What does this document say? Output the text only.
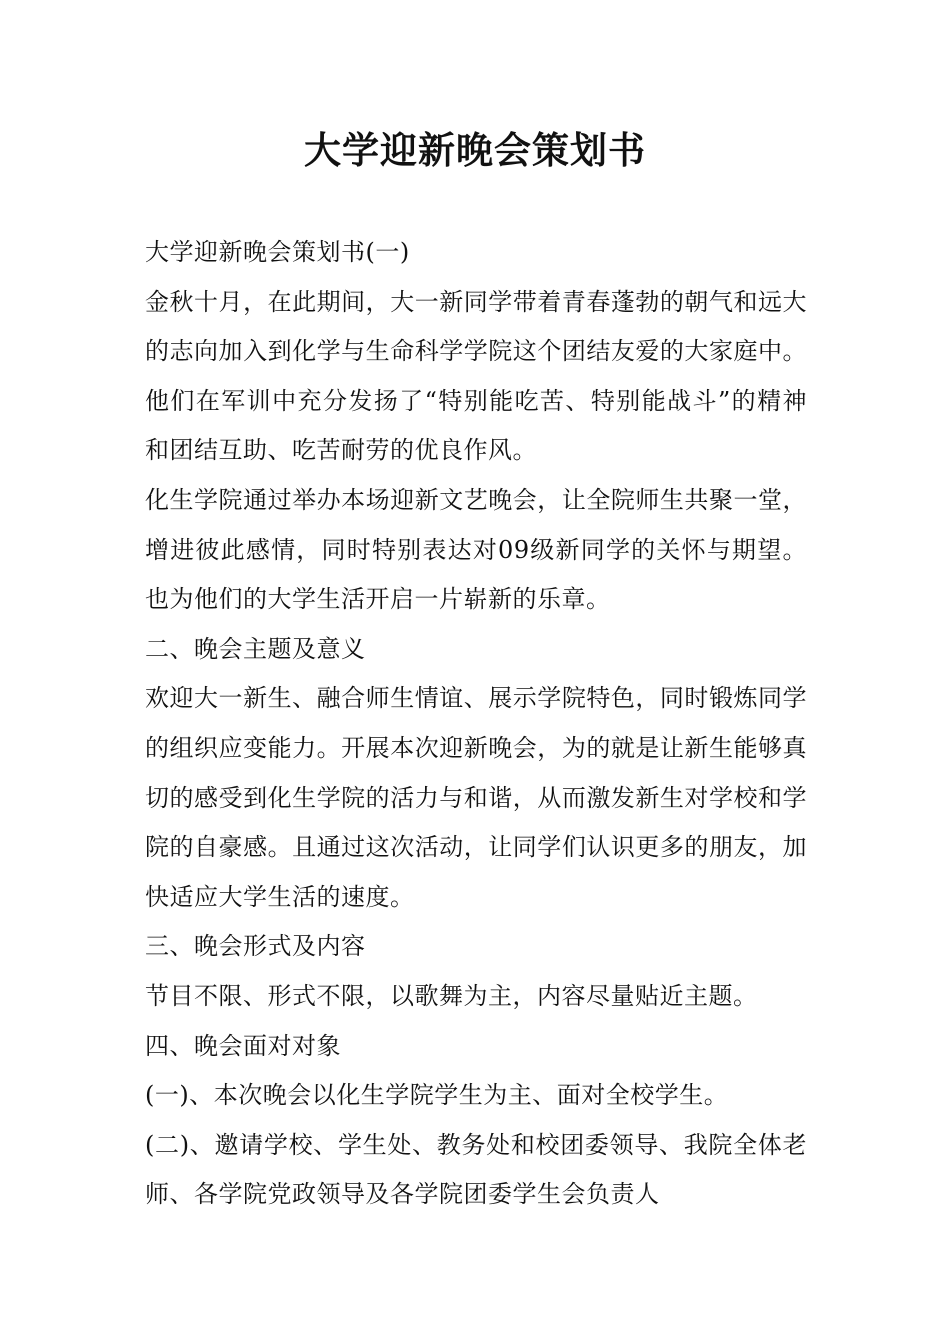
大学迎新晚会策划书

大学迎新晚会策划书(一)

金秋十月，在此期间，大一新同学带着青春蓬勃的朝气和远大的志向加入到化学与生命科学学院这个团结友爱的大家庭中。他们在军训中充分发扬了“特别能吃苦、特别能战斗”的精神和团结互助、吃苦耐劳的优良作风。

化生学院通过举办本场迎新文艺晚会，让全院师生共聚一堂，增进彼此感情，同时特别表达对09级新同学的关怀与期望。也为他们的大学生活开启一片崭新的乐章。

二、晚会主题及意义

欢迎大一新生、融合师生情谊、展示学院特色，同时锻炼同学的组织应变能力。开展本次迎新晚会，为的就是让新生能够真切的感受到化生学院的活力与和谐，从而激发新生对学校和学院的自豪感。且通过这次活动，让同学们认识更多的朋友，加快适应大学生活的速度。

三、晚会形式及内容

节目不限、形式不限，以歌舞为主，内容尽量贴近主题。

四、晚会面对对象

(一)、本次晚会以化生学院学生为主、面对全校学生。

(二)、邀请学校、学生处、教务处和校团委领导、我院全体老师、各学院党政领导及各学院团委学生会负责人
